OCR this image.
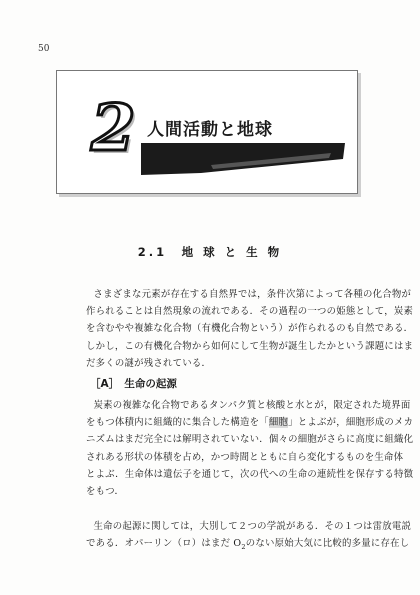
50
2 人間活動と地球
2.1　地 球 と 生 物
さまざまな元素が存在する自然界では，条件次第によって各種の化合物が
作られることは自然現象の流れである．その過程の一つの姫態として，炭素
を含むやや複雑な化合物（有機化合物という）が作られるのも自然である．
しかし，この有機化合物から如何にして生物が誕生したかという課題にはま
だ多くの謎が残されている．
［A］　生命の起源
炭素の複雑な化合物であるタンパク質と核酸と水とが，限定された境界面
をもつ体積内に組織的に集合した構造を「細胞」とよぶが，細胞形成のメカ
ニズムはまだ完全には解明されていない．個々の細胞がさらに高度に組織化
されある形状の体積を占め，かつ時間とともに自ら変化するものを生命体
とよぶ．生命体は遺伝子を通じて，次の代への生命の連続性を保存する特徴
をもつ．
生命の起源に関しては，大別して２つの学説がある．その１つは雷放電説
である．オパーリン（ロ）はまだ $O_2$のない原始大気に比較的多量に存在し
